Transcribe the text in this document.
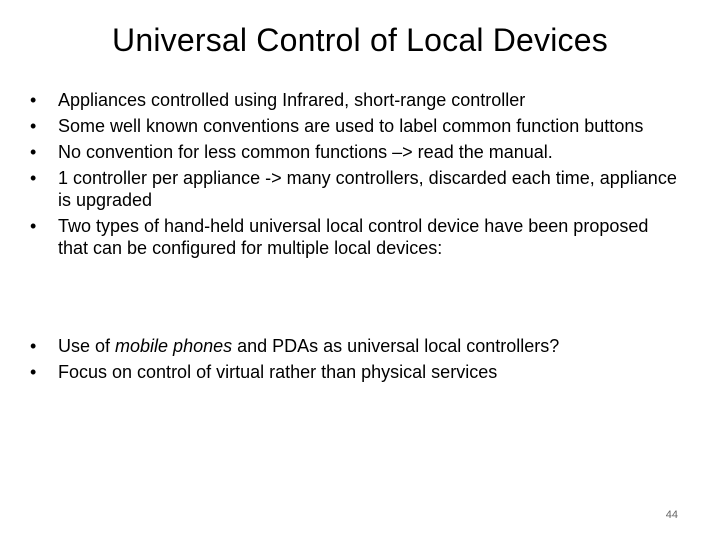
Universal Control of Local Devices
• Appliances controlled using Infrared, short-range controller
• Some well known conventions are used to label common function buttons
• No convention for less common functions –> read the manual.
• 1 controller per appliance -> many controllers, discarded each time, appliance is upgraded
• Two types of hand-held universal local control device have been proposed that can be configured for multiple local devices:
• Use of mobile phones and PDAs as universal local controllers?
• Focus on control of virtual rather than physical services
44
